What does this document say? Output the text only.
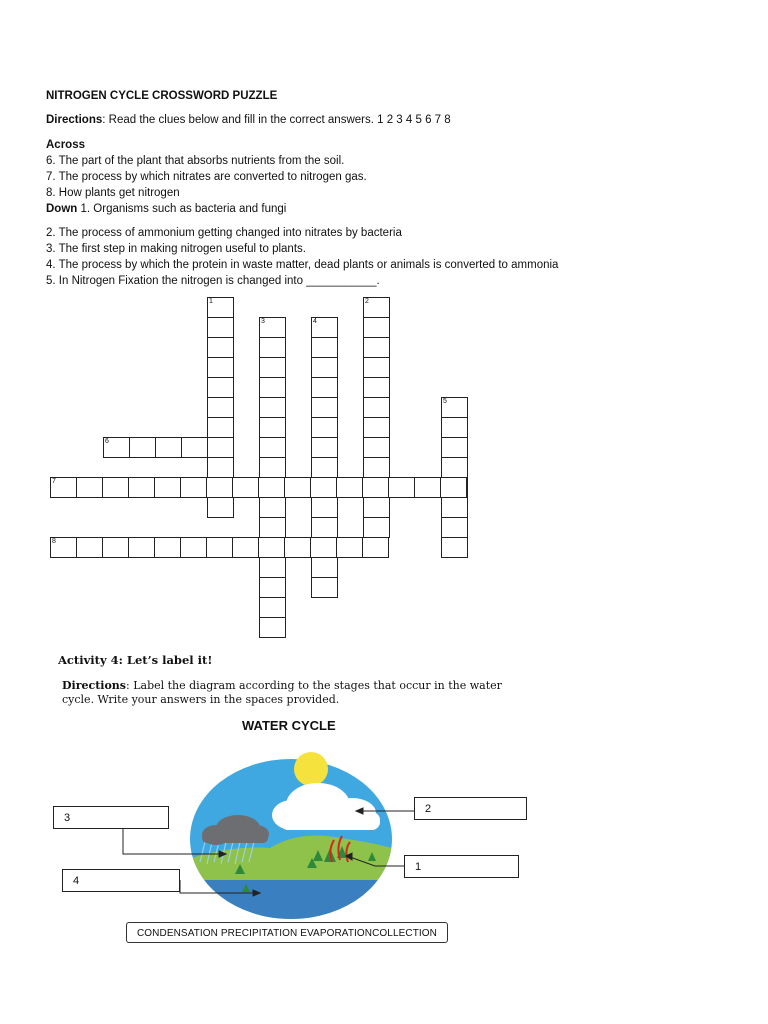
NITROGEN CYCLE CROSSWORD PUZZLE
Directions: Read the clues below and fill in the correct answers. 1 2 3 4 5 6 7 8
Across
6. The part of the plant that absorbs nutrients from the soil.
7. The process by which nitrates are converted to nitrogen gas.
8. How plants get nitrogen
Down 1. Organisms such as bacteria and fungi
2. The process of ammonium getting changed into nitrates by bacteria
3. The first step in making nitrogen useful to plants.
4. The process by which the protein in waste matter, dead plants or animals is converted to ammonia
5. In Nitrogen Fixation the nitrogen is changed into ___________.
1	2
3	4
5
6
7
8
Activity 4: Let’s label it!
Directions: Label the diagram according to the stages that occur in the water
cycle. Write your answers in the spaces provided.
WATER CYCLE
3
2
4
1
CONDENSATION PRECIPITATION EVAPORATIONCOLLECTION
